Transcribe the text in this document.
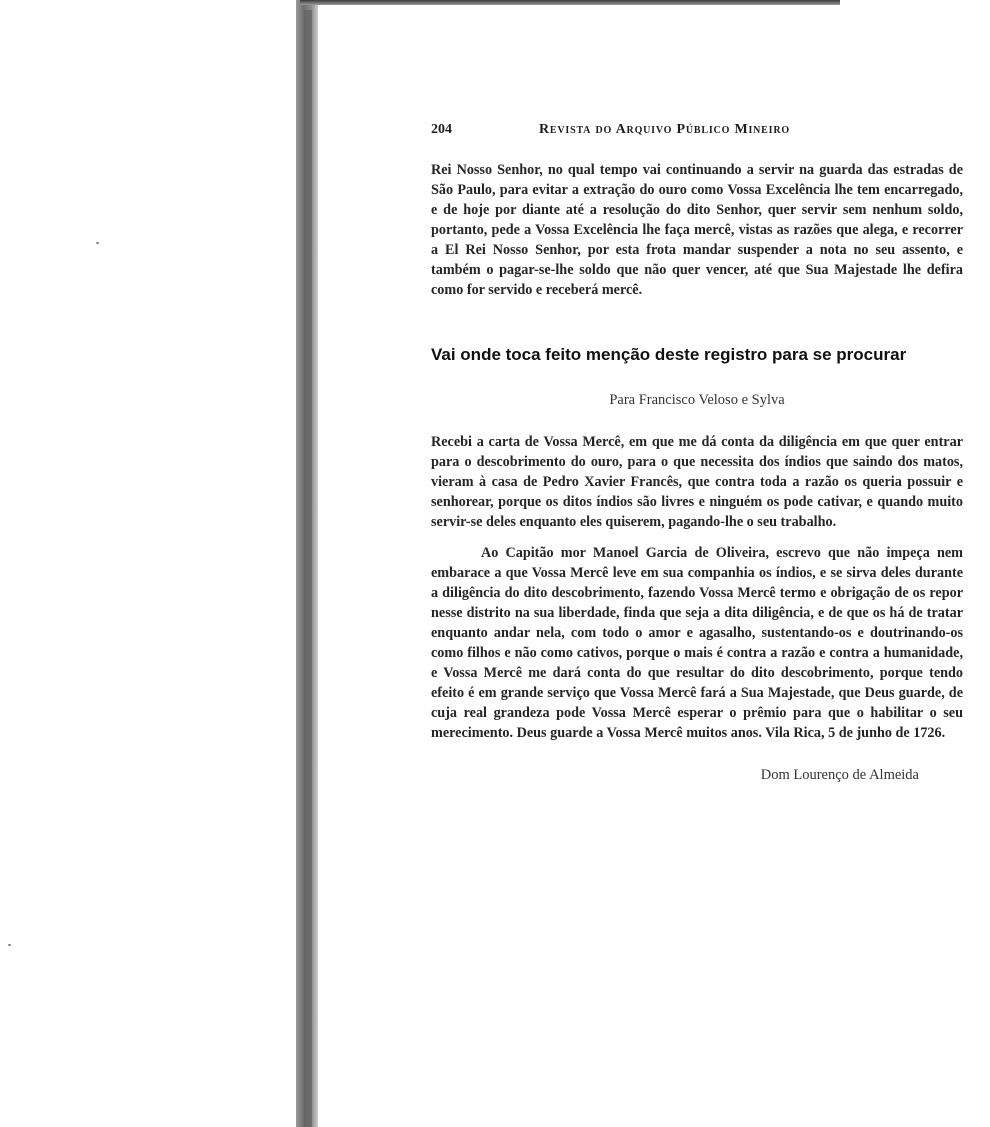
204	Revista do Arquivo Público Mineiro

Rei Nosso Senhor, no qual tempo vai continuando a servir na guarda das estradas de São Paulo, para evitar a extração do ouro como Vossa Excelência lhe tem encarregado, e de hoje por diante até a resolução do dito Senhor, quer servir sem nenhum soldo, portanto, pede a Vossa Excelência lhe faça mercê, vistas as razões que alega, e recorrer a El Rei Nosso Senhor, por esta frota mandar suspender a nota no seu assento, e também o pagar-se-lhe soldo que não quer vencer, até que Sua Majestade lhe defira como for servido e receberá mercê.

Vai onde toca feito menção deste registro para se procurar

Para Francisco Veloso e Sylva

Recebi a carta de Vossa Mercê, em que me dá conta da diligência em que quer entrar para o descobrimento do ouro, para o que necessita dos índios que saindo dos matos, vieram à casa de Pedro Xavier Francês, que contra toda a razão os queria possuir e senhorear, porque os ditos índios são livres e ninguém os pode cativar, e quando muito servir-se deles enquanto eles quiserem, pagando-lhe o seu trabalho.

Ao Capitão mor Manoel Garcia de Oliveira, escrevo que não impeça nem embarace a que Vossa Mercê leve em sua companhia os índios, e se sirva deles durante a diligência do dito descobrimento, fazendo Vossa Mercê termo e obrigação de os repor nesse distrito na sua liberdade, finda que seja a dita diligência, e de que os há de tratar enquanto andar nela, com todo o amor e agasalho, sustentando-os e doutrinando-os como filhos e não como cativos, porque o mais é contra a razão e contra a humanidade, e Vossa Mercê me dará conta do que resultar do dito descobrimento, porque tendo efeito é em grande serviço que Vossa Mercê fará a Sua Majestade, que Deus guarde, de cuja real grandeza pode Vossa Mercê esperar o prêmio para que o habilitar o seu merecimento. Deus guarde a Vossa Mercê muitos anos. Vila Rica, 5 de junho de 1726.

Dom Lourenço de Almeida
